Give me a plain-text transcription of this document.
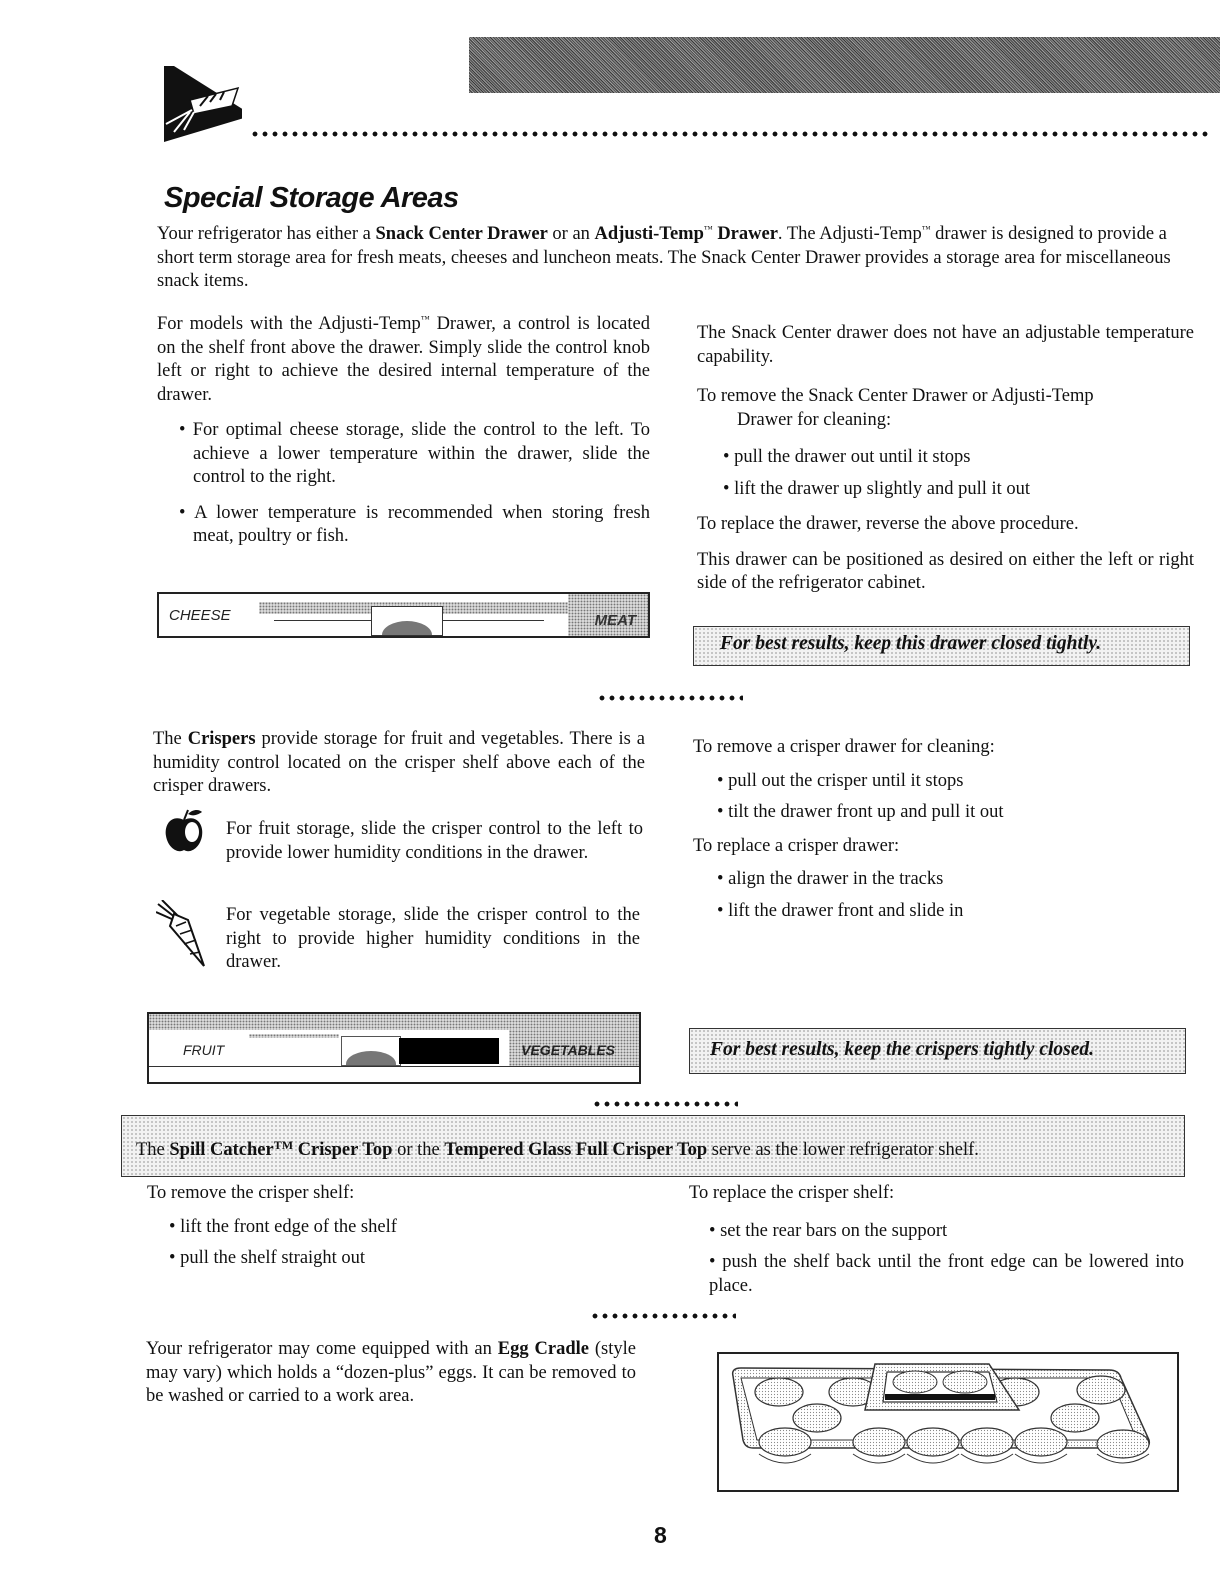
Special Storage Areas

Your refrigerator has either a Snack Center Drawer or an Adjusti-Temp™ Drawer. The Adjusti-Temp™ drawer is designed to provide a short term storage area for fresh meats, cheeses and luncheon meats. The Snack Center Drawer provides a storage area for miscellaneous snack items.

For models with the Adjusti-Temp™ Drawer, a control is located on the shelf front above the drawer. Simply slide the control knob left or right to achieve the desired internal temperature of the drawer.

• For optimal cheese storage, slide the control to the left. To achieve a lower temperature within the drawer, slide the control to the right.

• A lower temperature is recommended when storing fresh meat, poultry or fish.

CHEESE	MEAT

The Snack Center drawer does not have an adjustable temperature capability.

To remove the Snack Center Drawer or Adjusti-Temp
Drawer for cleaning:

• pull the drawer out until it stops

• lift the drawer up slightly and pull it out

To replace the drawer, reverse the above procedure.

This drawer can be positioned as desired on either the left or right side of the refrigerator cabinet.

For best results, keep this drawer closed tightly.

The Crispers provide storage for fruit and vegetables. There is a humidity control located on the crisper shelf above each of the crisper drawers.

For fruit storage, slide the crisper control to the left to provide lower humidity conditions in the drawer.

For vegetable storage, slide the crisper control to the right to provide higher humidity conditions in the drawer.

FRUIT	VEGETABLES

To remove a crisper drawer for cleaning:

• pull out the crisper until it stops

• tilt the drawer front up and pull it out

To replace a crisper drawer:

• align the drawer in the tracks

• lift the drawer front and slide in

For best results, keep the crispers tightly closed.

The Spill Catcher™ Crisper Top or the Tempered Glass Full Crisper Top serve as the lower refrigerator shelf.

To remove the crisper shelf:

• lift the front edge of the shelf

• pull the shelf straight out

To replace the crisper shelf:

• set the rear bars on the support

• push the shelf back until the front edge can be lowered into place.

Your refrigerator may come equipped with an Egg Cradle (style may vary) which holds a “dozen-plus” eggs. It can be removed to be washed or carried to a work area.

8
